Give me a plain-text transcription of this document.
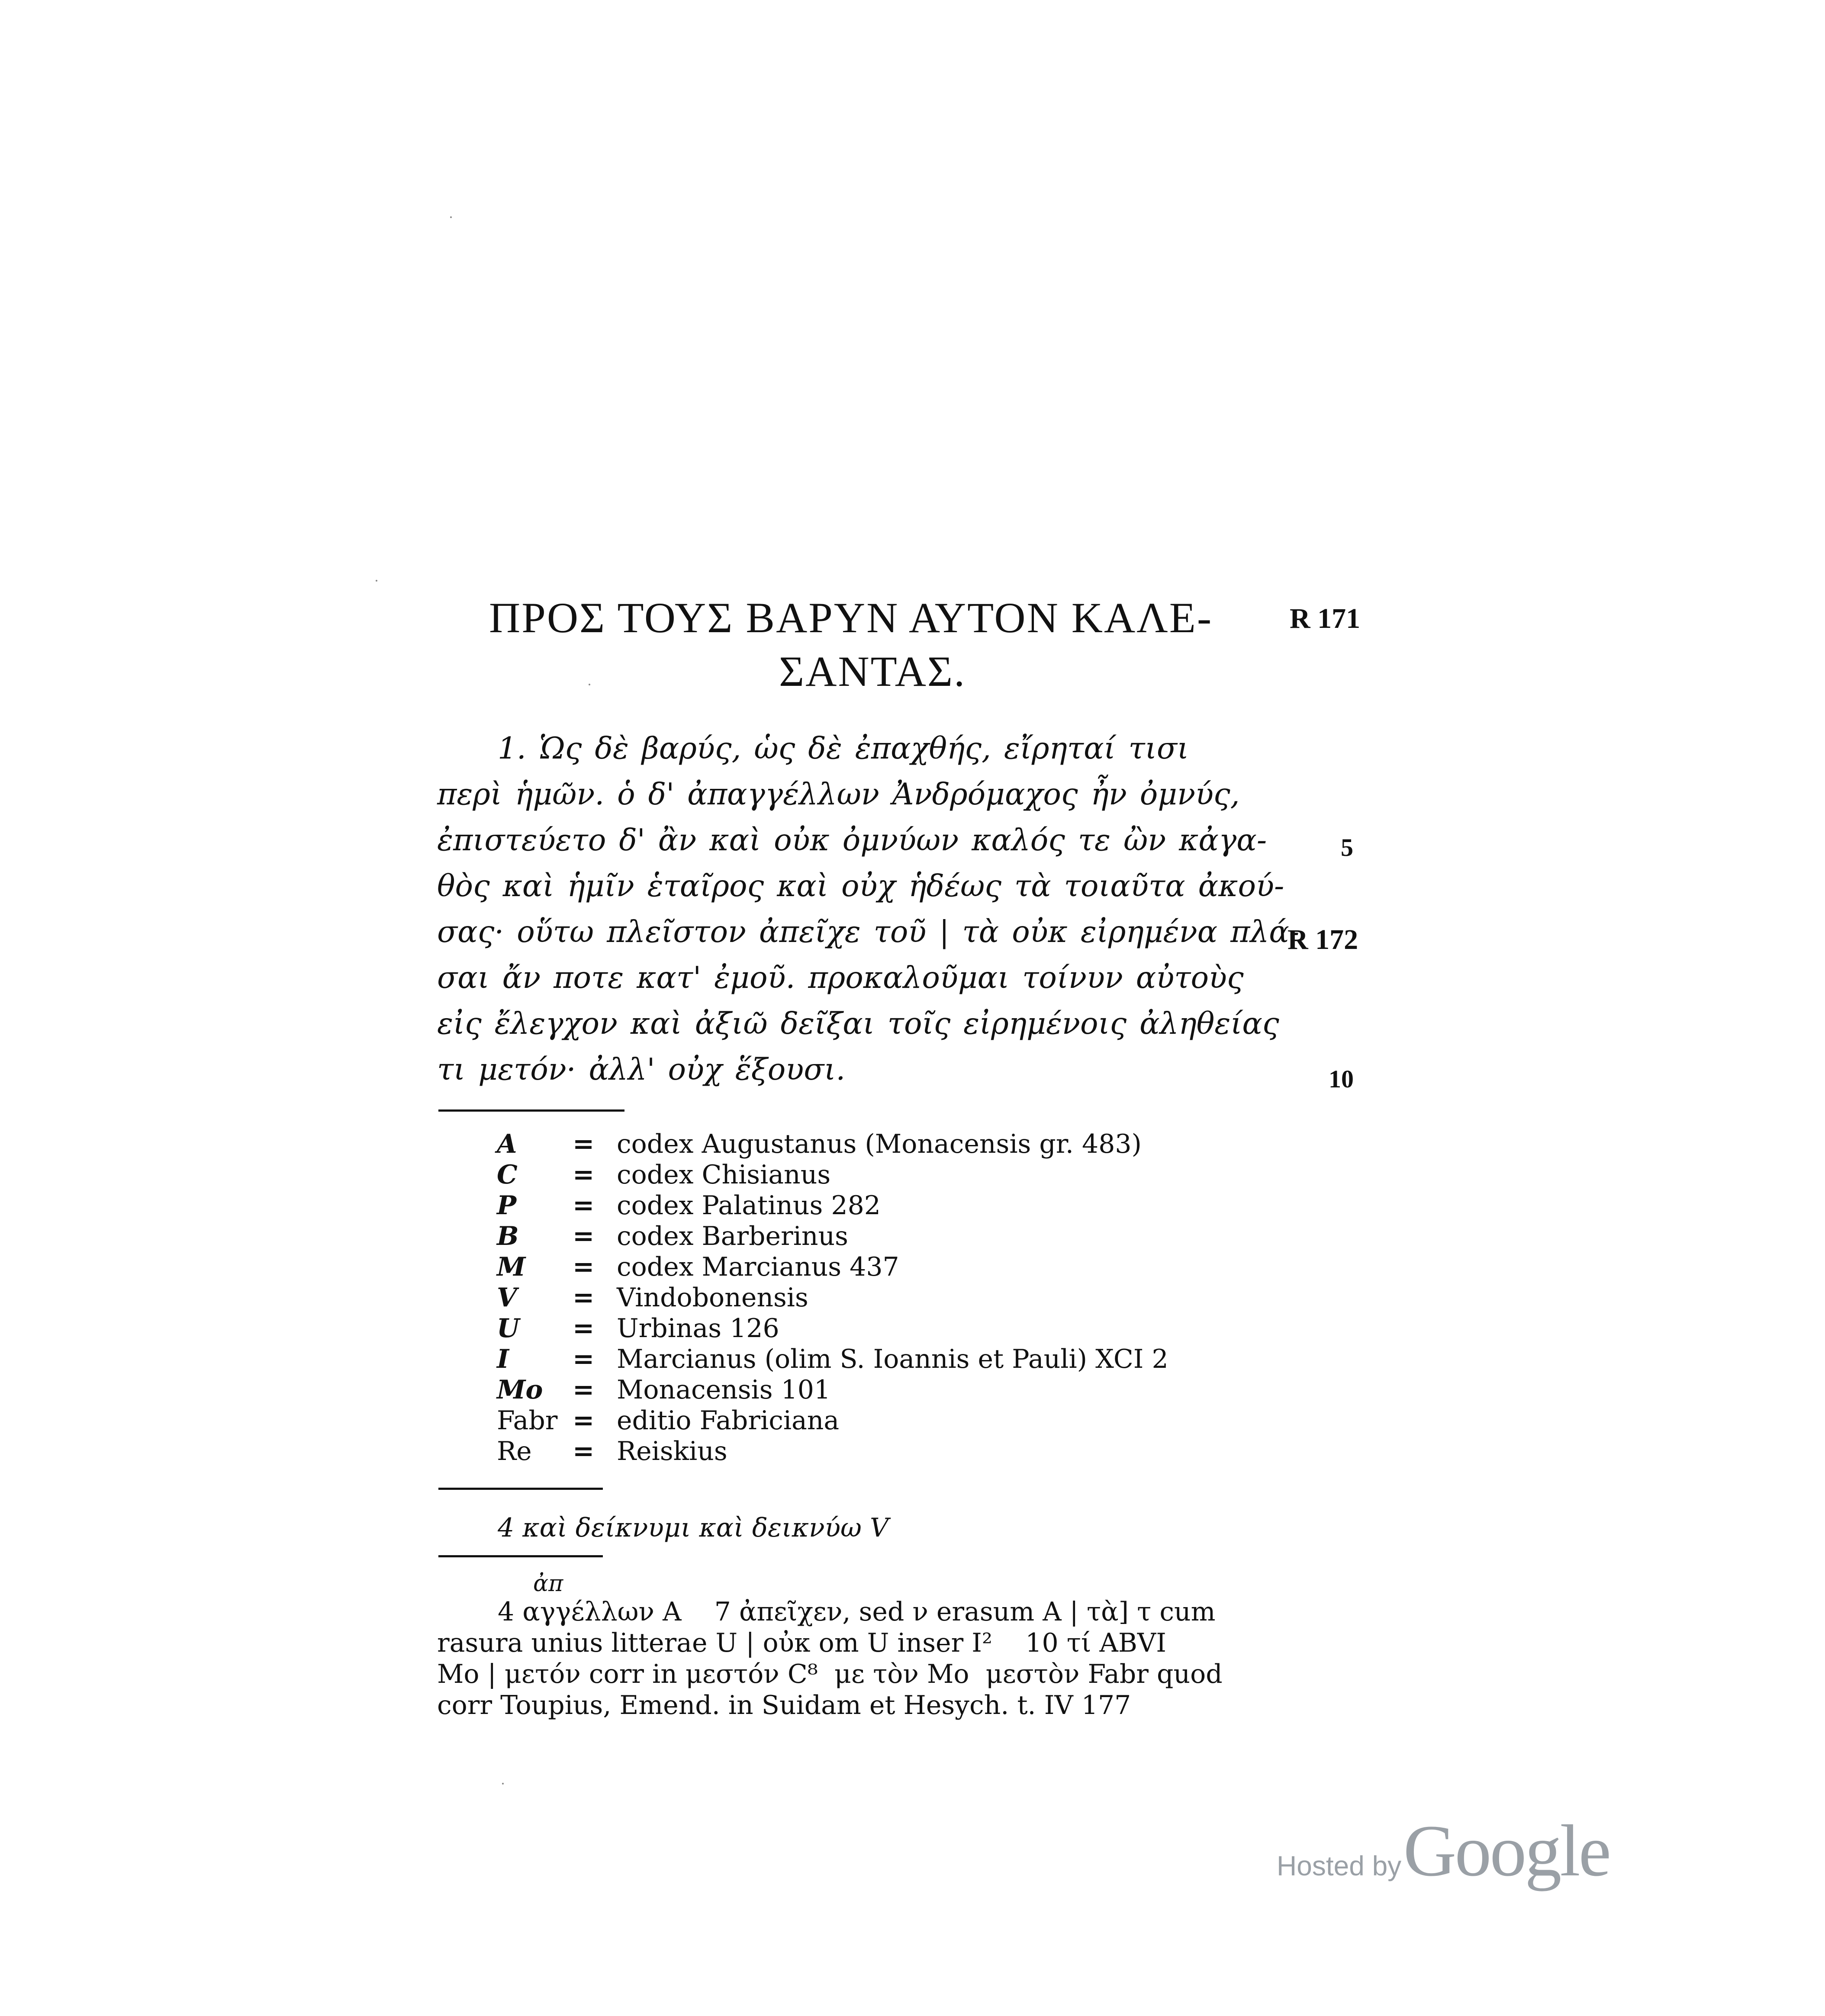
ΠΡΟΣ ΤΟΥΣ ΒΑΡΥΝ ΑΥΤΟΝ ΚΑΛΕ-	R 171
ΣΑΝΤΑΣ.
1. Ὡς δὲ βαρύς, ὡς δὲ ἐπαχθής, εἴρηταί τισι
περὶ ἡμῶν. ὁ δ' ἀπαγγέλλων Ἀνδρόμαχος ἦν ὀμνύς,
ἐπιστεύετο δ' ἂν καὶ οὐκ ὀμνύων καλός τε ὢν κἀγα-	5
θὸς καὶ ἡμῖν ἑταῖρος καὶ οὐχ ἡδέως τὰ τοιαῦτα ἀκού-
σας· οὕτω πλεῖστον ἀπεῖχε τοῦ | τὰ οὐκ εἰρημένα πλά-
R 172
σαι ἄν ποτε κατ' ἐμοῦ. προκαλοῦμαι τοίνυν αὐτοὺς
εἰς ἔλεγχον καὶ ἀξιῶ δεῖξαι τοῖς εἰρημένοις ἀληθείας
τι μετόν· ἀλλ' οὐχ ἕξουσι.	10
A	=	codex Augustanus (Monacensis gr. 483)
C	=	codex Chisianus
P	=	codex Palatinus 282
B	=	codex Barberinus
M	=	codex Marcianus 437
V	=	Vindobonensis
U	=	Urbinas 126
I	=	Marcianus (olim S. Ioannis et Pauli) XCI 2
Mo	=	Monacensis 101
Fabr	=	editio Fabriciana
Re	=	Reiskius
4 καὶ δείκνυμι καὶ δεικνύω V
ἀπ
4 αγγέλλων A    7 ἀπεῖχεν, sed ν erasum A | τὰ] τ cum
rasura unius litterae U | οὐκ om U inser I²    10 τί ABVI
Mo | μετόν corr in μεστόν C⁸  με τὸν Mo  μεστὸν Fabr quod
corr Toupius, Emend. in Suidam et Hesych. t. IV 177
Hosted by Google
